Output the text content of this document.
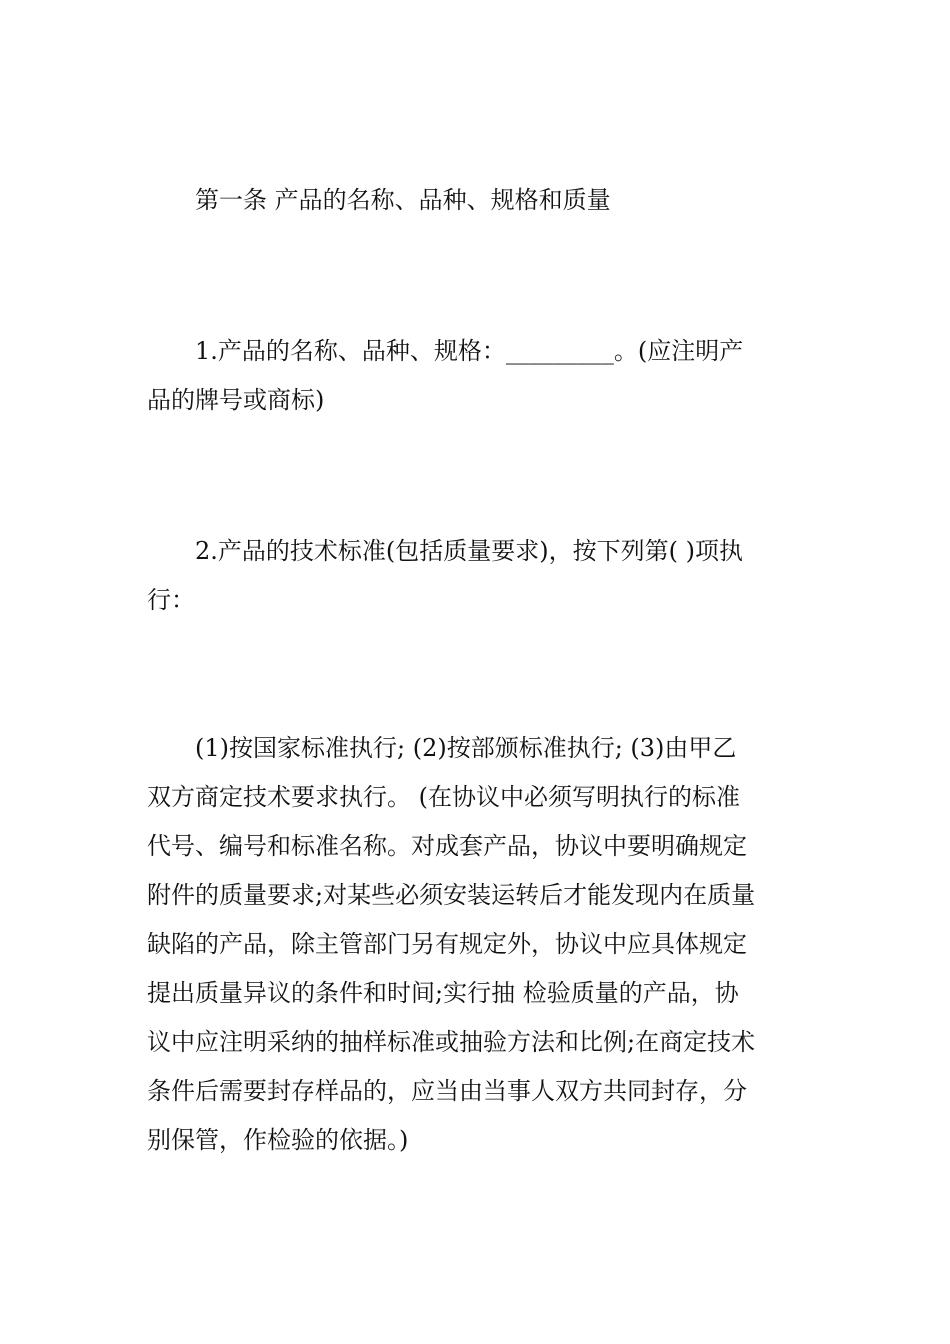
第一条 产品的名称、品种、规格和质量

1.产品的名称、品种、规格：_________。(应注明产
品的牌号或商标)

2.产品的技术标准(包括质量要求)，按下列第( )项执
行：

(1)按国家标准执行; (2)按部颁标准执行; (3)由甲乙
双方商定技术要求执行。 (在协议中必须写明执行的标准
代号、编号和标准名称。对成套产品，协议中要明确规定
附件的质量要求;对某些必须安装运转后才能发现内在质量
缺陷的产品，除主管部门另有规定外，协议中应具体规定
提出质量异议的条件和时间;实行抽 检验质量的产品，协
议中应注明采纳的抽样标准或抽验方法和比例;在商定技术
条件后需要封存样品的，应当由当事人双方共同封存，分
别保管，作检验的依据。)
